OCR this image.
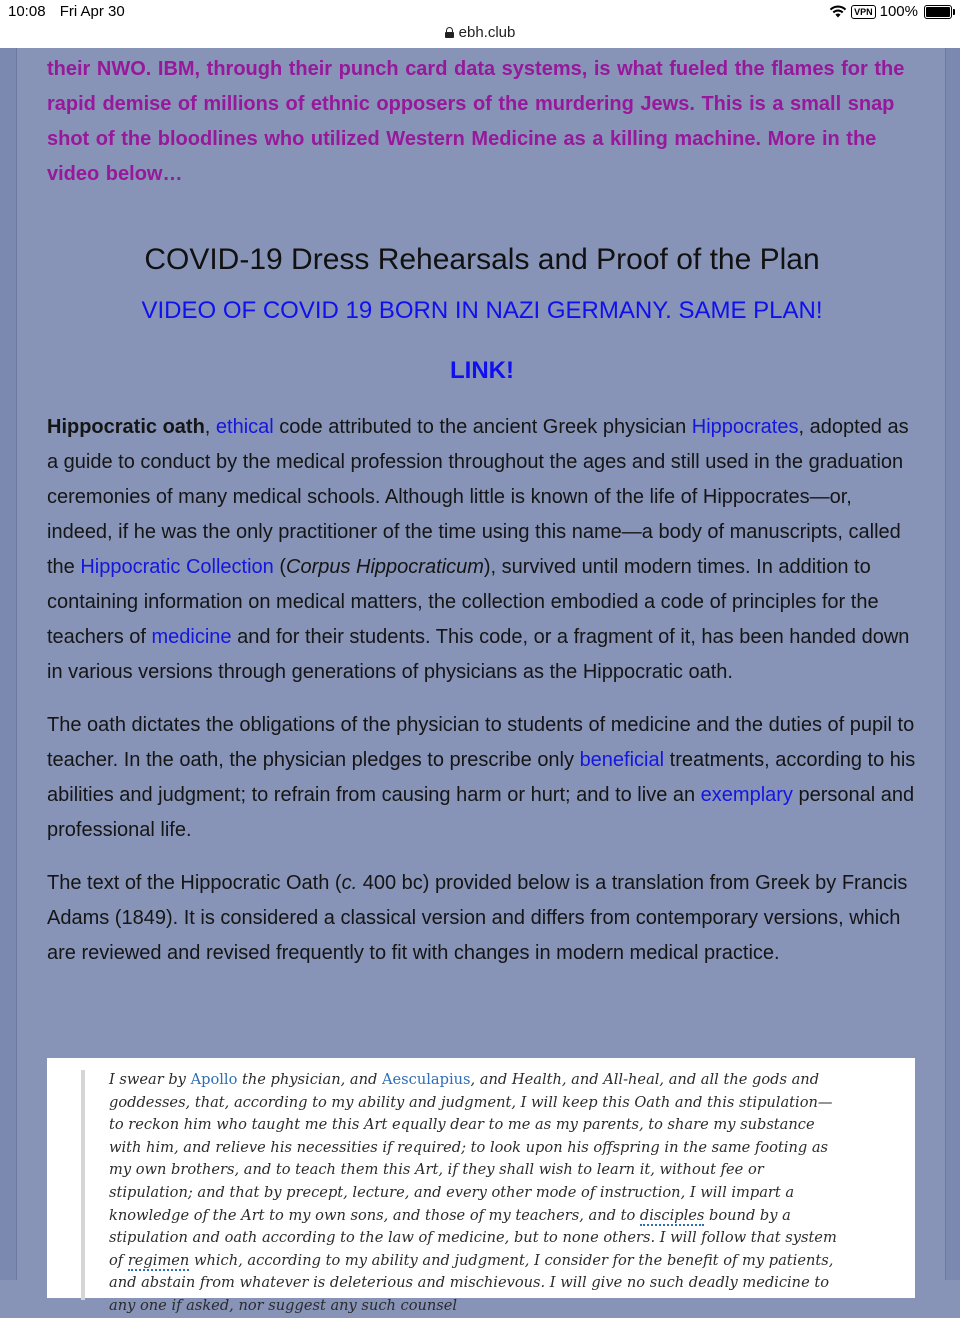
10:08 Fri Apr 30	VPN 100%
ebh.club

their NWO. IBM, through their punch card data systems, is what fueled the flames for the rapid demise of millions of ethnic opposers of the murdering Jews. This is a small snap shot of the bloodlines who utilized Western Medicine as a killing machine. More in the video below…

COVID-19 Dress Rehearsals and Proof of the Plan

VIDEO OF COVID 19 BORN IN NAZI GERMANY. SAME PLAN!

LINK!

Hippocratic oath, ethical code attributed to the ancient Greek physician Hippocrates, adopted as a guide to conduct by the medical profession throughout the ages and still used in the graduation ceremonies of many medical schools. Although little is known of the life of Hippocrates—or, indeed, if he was the only practitioner of the time using this name—a body of manuscripts, called the Hippocratic Collection (Corpus Hippocraticum), survived until modern times. In addition to containing information on medical matters, the collection embodied a code of principles for the teachers of medicine and for their students. This code, or a fragment of it, has been handed down in various versions through generations of physicians as the Hippocratic oath.

The oath dictates the obligations of the physician to students of medicine and the duties of pupil to teacher. In the oath, the physician pledges to prescribe only beneficial treatments, according to his abilities and judgment; to refrain from causing harm or hurt; and to live an exemplary personal and professional life.

The text of the Hippocratic Oath (c. 400 bc) provided below is a translation from Greek by Francis Adams (1849). It is considered a classical version and differs from contemporary versions, which are reviewed and revised frequently to fit with changes in modern medical practice.

I swear by Apollo the physician, and Aesculapius, and Health, and All-heal, and all the gods and goddesses, that, according to my ability and judgment, I will keep this Oath and this stipulation—to reckon him who taught me this Art equally dear to me as my parents, to share my substance with him, and relieve his necessities if required; to look upon his offspring in the same footing as my own brothers, and to teach them this Art, if they shall wish to learn it, without fee or stipulation; and that by precept, lecture, and every other mode of instruction, I will impart a knowledge of the Art to my own sons, and those of my teachers, and to disciples bound by a stipulation and oath according to the law of medicine, but to none others. I will follow that system of regimen which, according to my ability and judgment, I consider for the benefit of my patients, and abstain from whatever is deleterious and mischievous. I will give no such deadly medicine to any one if asked, nor suggest any such counsel
